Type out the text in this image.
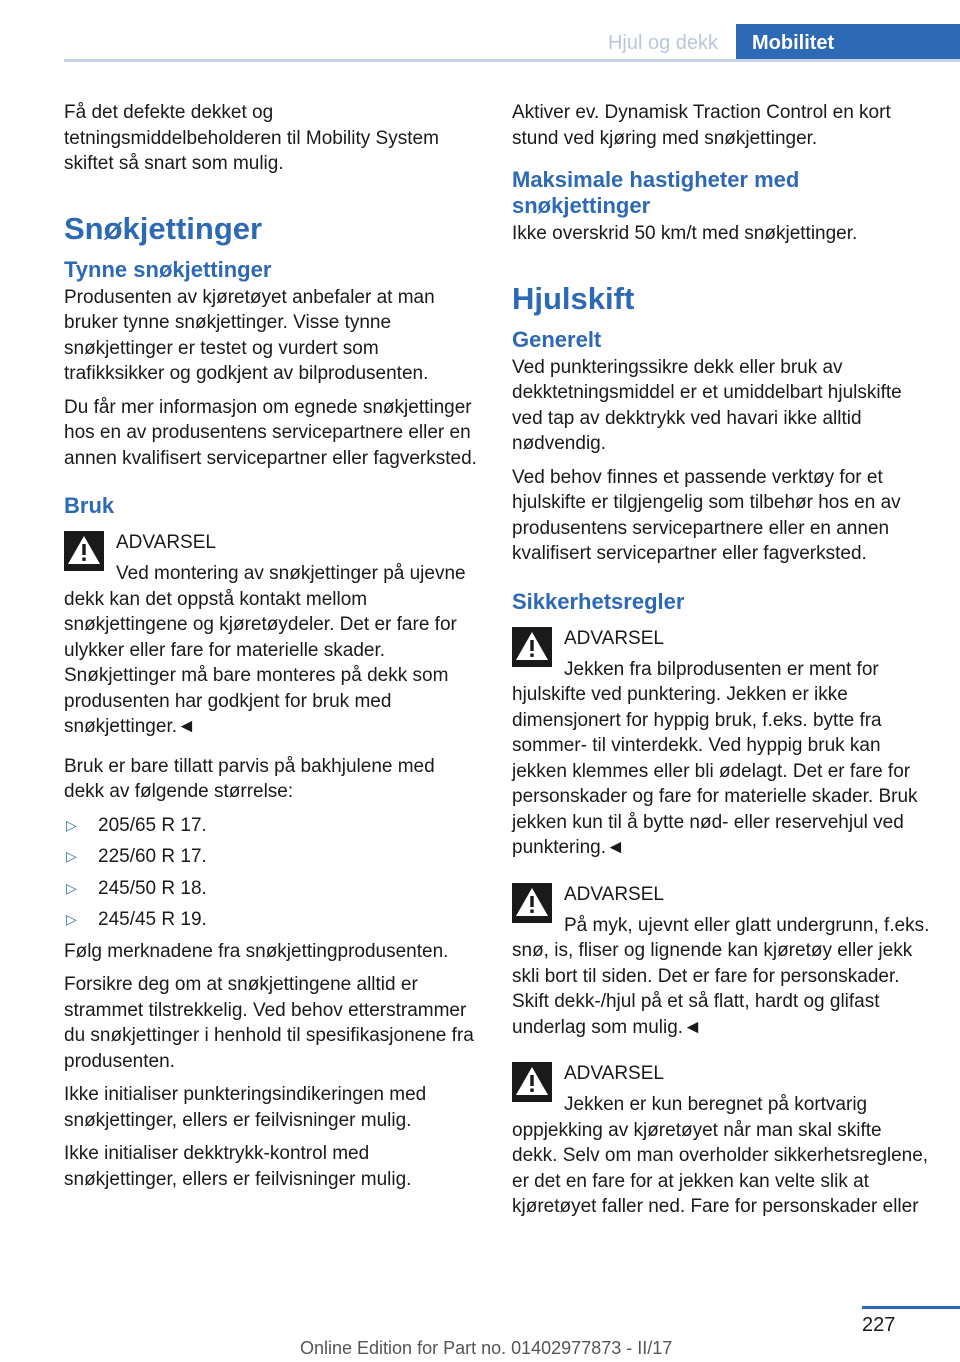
Hjul og dekk	Mobilitet

Få det defekte dekket og tetningsmiddelbeholderen til Mobility System skiftet så snart som mulig.

Snøkjettinger
Tynne snøkjettinger

Produsenten av kjøretøyet anbefaler at man bruker tynne snøkjettinger. Visse tynne snøkjettinger er testet og vurdert som trafikksikker og godkjent av bilprodusenten.

Du får mer informasjon om egnede snøkjettinger hos en av produsentens servicepartnere eller en annen kvalifisert servicepartner eller fagverksted.

Bruk
ADVARSEL
Ved montering av snøkjettinger på ujevne dekk kan det oppstå kontakt mellom snøkjettingene og kjøretøydeler. Det er fare for ulykker eller fare for materielle skader. Snøkjettinger må bare monteres på dekk som produsenten har godkjent for bruk med snøkjettinger.◄

Bruk er bare tillatt parvis på bakhjulene med dekk av følgende størrelse:

▷ 205/65 R 17.
▷ 225/60 R 17.
▷ 245/50 R 18.
▷ 245/45 R 19.

Følg merknadene fra snøkjettingprodusenten.

Forsikre deg om at snøkjettingene alltid er strammet tilstrekkelig. Ved behov etterstrammer du snøkjettinger i henhold til spesifikasjonene fra produsenten.

Ikke initialiser punkteringsindikeringen med snøkjettinger, ellers er feilvisninger mulig.

Ikke initialiser dekktrykk-kontrol med snøkjettinger, ellers er feilvisninger mulig.

Aktiver ev. Dynamisk Traction Control en kort stund ved kjøring med snøkjettinger.

Maksimale hastigheter med snøkjettinger

Ikke overskrid 50 km/t med snøkjettinger.

Hjulskift
Generelt

Ved punkteringssikre dekk eller bruk av dekktetningsmiddel er et umiddelbart hjulskifte ved tap av dekktrykk ved havari ikke alltid nødvendig.

Ved behov finnes et passende verktøy for et hjulskifte er tilgjengelig som tilbehør hos en av produsentens servicepartnere eller en annen kvalifisert servicepartner eller fagverksted.

Sikkerhetsregler
ADVARSEL
Jekken fra bilprodusenten er ment for hjulskifte ved punktering. Jekken er ikke dimensjonert for hyppig bruk, f.eks. bytte fra sommer- til vinterdekk. Ved hyppig bruk kan jekken klemmes eller bli ødelagt. Det er fare for personskader og fare for materielle skader. Bruk jekken kun til å bytte nød- eller reservehjul ved punktering.◄
ADVARSEL
På myk, ujevnt eller glatt undergrunn, f.eks. snø, is, fliser og lignende kan kjøretøy eller jekk skli bort til siden. Det er fare for personskader. Skift dekk-/hjul på et så flatt, hardt og glifast underlag som mulig.◄
ADVARSEL
Jekken er kun beregnet på kortvarig oppjekking av kjøretøyet når man skal skifte dekk. Selv om man overholder sikkerhetsreglene, er det en fare for at jekken kan velte slik at kjøretøyet faller ned. Fare for personskader eller
227
Online Edition for Part no. 01402977873 - II/17
